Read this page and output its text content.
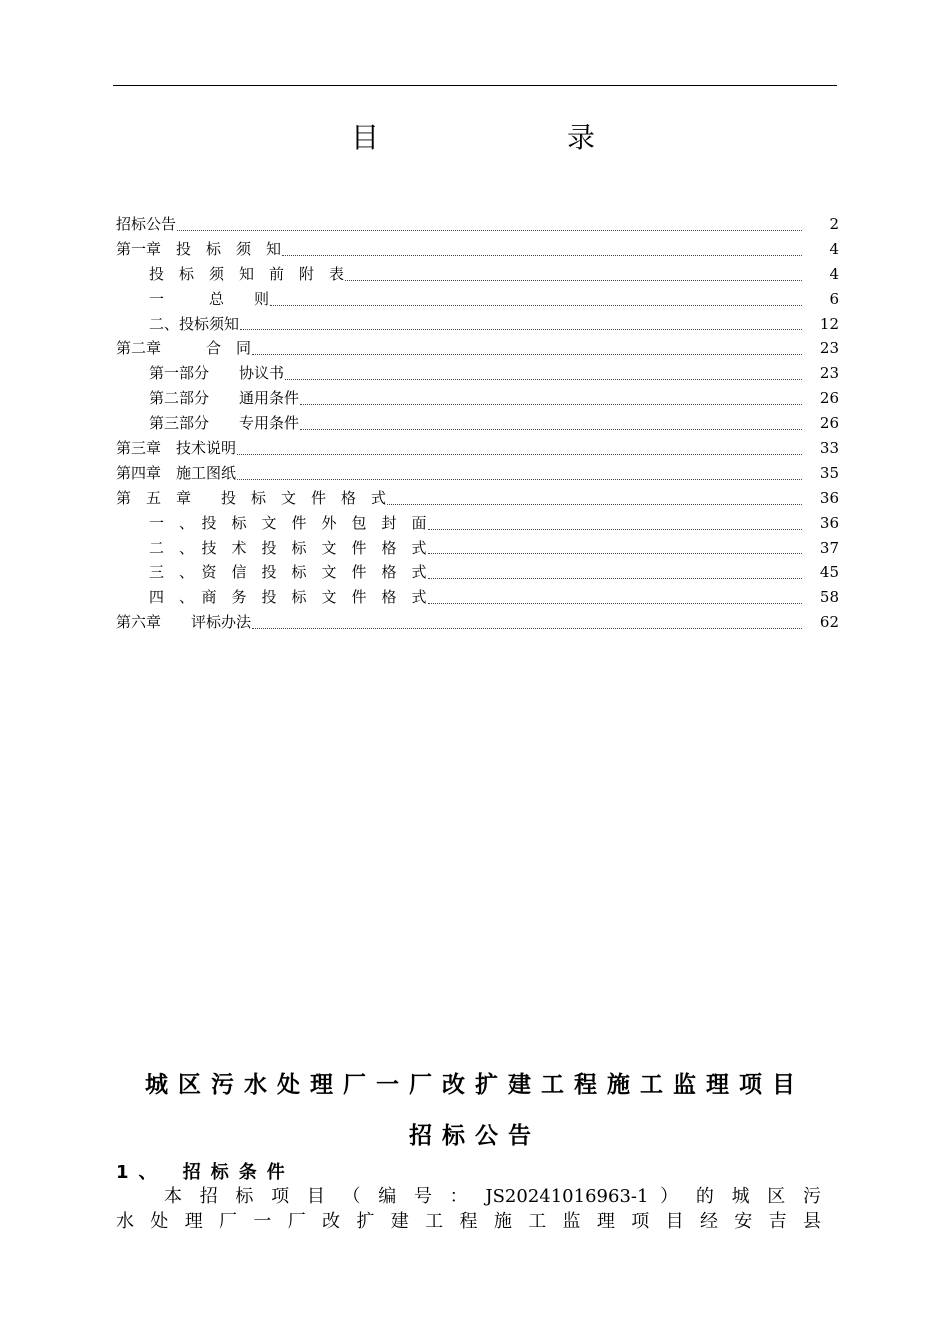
目	录
招标公告	2
第一章　投　标　须　知	4
投　标　须　知　前　附　表	4
一　　　总　　则	6
二、投标须知	12
第二章　　　合　同	23
第一部分　　协议书	23
第二部分　　通用条件	26
第三部分　　专用条件	26
第三章　技术说明	33
第四章　施工图纸	35
第　五　章　　投　标　文　件　格　式	36
一　、　投　标　文　件　外　包　封　面	36
二　、　技　术　投　标　文　件　格　式	37
三　、　资　信　投　标　文　件　格　式	45
四　、　商　务　投　标　文　件　格　式	58
第六章　　评标办法	62
城区污水处理厂一厂改扩建工程施工监理项目
招标公告
1、 招标条件
本 招 标 项 目 （ 编 号 ： JS20241016963-1 ） 的 城 区 污
水 处 理 厂 一 厂 改 扩 建 工 程 施 工 监 理 项 目 经 安 吉 县
